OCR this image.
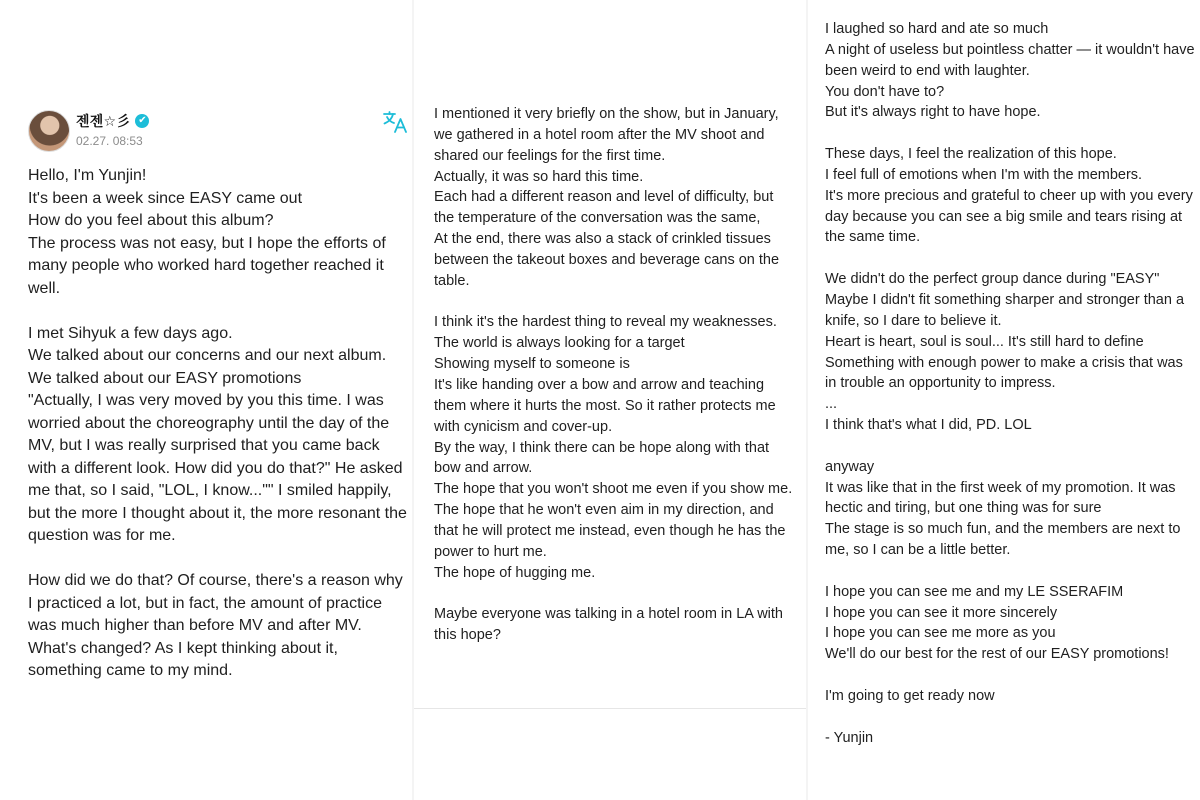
젠젠☆彡 ✔
02.27. 08:53
Hello, I'm Yunjin!
It's been a week since EASY came out
How do you feel about this album?
The process was not easy, but I hope the efforts of many people who worked hard together reached it well.

I met Sihyuk a few days ago.
We talked about our concerns and our next album.
We talked about our EASY promotions
"Actually, I was very moved by you this time. I was worried about the choreography until the day of the MV, but I was really surprised that you came back with a different look. How did you do that?" He asked me that, so I said, "LOL, I know..."" I smiled happily, but the more I thought about it, the more resonant the question was for me.

How did we do that? Of course, there's a reason why I practiced a lot, but in fact, the amount of practice was much higher than before MV and after MV. What's changed? As I kept thinking about it, something came to my mind.
I mentioned it very briefly on the show, but in January, we gathered in a hotel room after the MV shoot and shared our feelings for the first time.
Actually, it was so hard this time.
Each had a different reason and level of difficulty, but the temperature of the conversation was the same,
At the end, there was also a stack of crinkled tissues between the takeout boxes and beverage cans on the table.

I think it's the hardest thing to reveal my weaknesses.
The world is always looking for a target
Showing myself to someone is
It's like handing over a bow and arrow and teaching them where it hurts the most. So it rather protects me with cynicism and cover-up.
By the way, I think there can be hope along with that bow and arrow.
The hope that you won't shoot me even if you show me.
The hope that he won't even aim in my direction, and that he will protect me instead, even though he has the power to hurt me.
The hope of hugging me.

Maybe everyone was talking in a hotel room in LA with this hope?
I laughed so hard and ate so much
A night of useless but pointless chatter — it wouldn't have been weird to end with laughter.
You don't have to?
But it's always right to have hope.

These days, I feel the realization of this hope.
I feel full of emotions when I'm with the members.
It's more precious and grateful to cheer up with you every day because you can see a big smile and tears rising at the same time.

We didn't do the perfect group dance during "EASY"
Maybe I didn't fit something sharper and stronger than a knife, so I dare to believe it.
Heart is heart, soul is soul... It's still hard to define Something with enough power to make a crisis that was in trouble an opportunity to impress.
...
I think that's what I did, PD. LOL

anyway
It was like that in the first week of my promotion. It was hectic and tiring, but one thing was for sure
The stage is so much fun, and the members are next to me, so I can be a little better.

I hope you can see me and my LE SSERAFIM
I hope you can see it more sincerely
I hope you can see me more as you
We'll do our best for the rest of our EASY promotions!

I'm going to get ready now

- Yunjin
